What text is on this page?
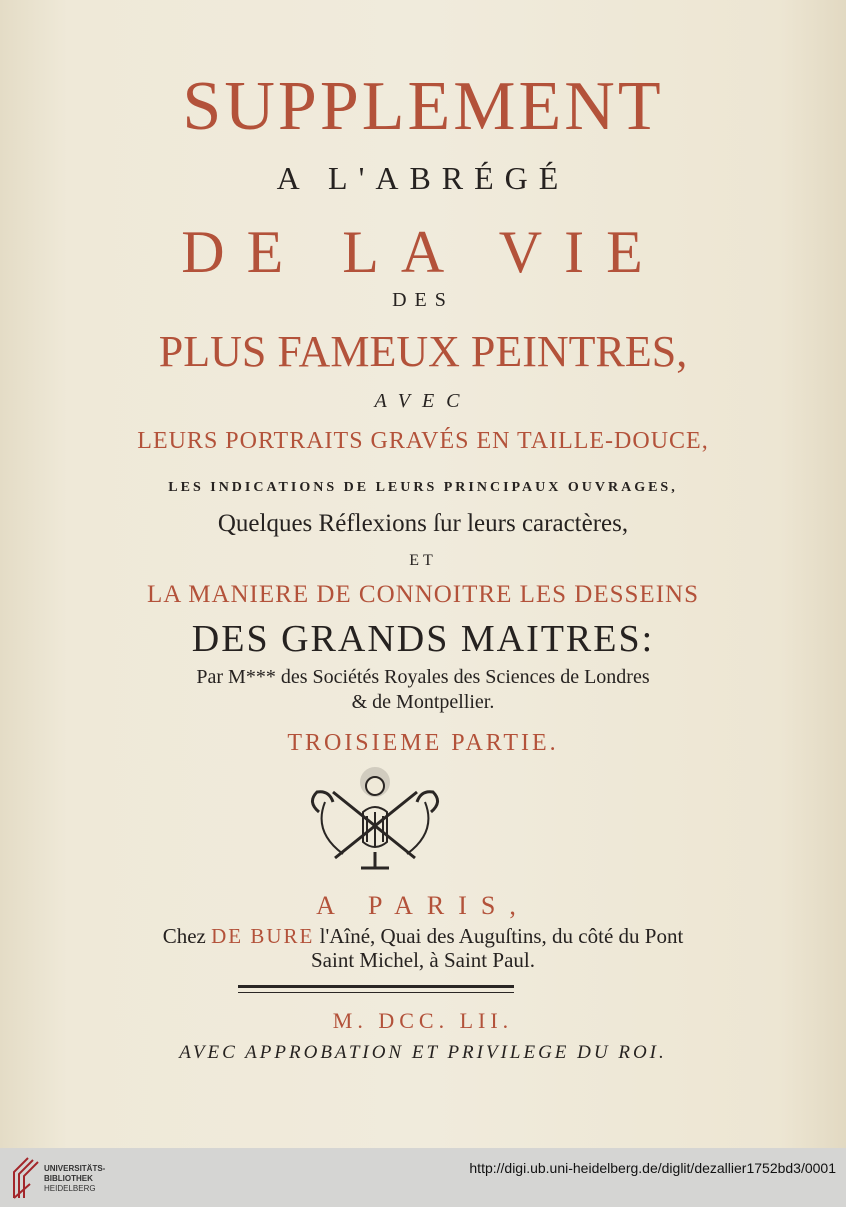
SUPPLEMENT
A L'ABRÉGÉ
DE LA VIE
DES
PLUS FAMEUX PEINTRES,
AVEC
LEURS PORTRAITS GRAVÉS EN TAILLE-DOUCE,
LES INDICATIONS DE LEURS PRINCIPAUX OUVRAGES,
Quelques Réflexions ſur leurs caractères,
ET
LA MANIERE DE CONNOITRE LES DESSEINS
DES GRANDS MAITRES:
Par M*** des Sociétés Royales des Sciences de Londres
& de Montpellier.
TROISIEME PARTIE.
A PARIS,
Chez DE BURE l'Aîné, Quai des Auguſtins, du côté du Pont
Saint Michel, à Saint Paul.
M. DCC. LII.
AVEC APPROBATION ET PRIVILEGE DU ROI.
UNIVERSITÄTS-
BIBLIOTHEK
HEIDELBERG
http://digi.ub.uni-heidelberg.de/diglit/dezallier1752bd3/0001
